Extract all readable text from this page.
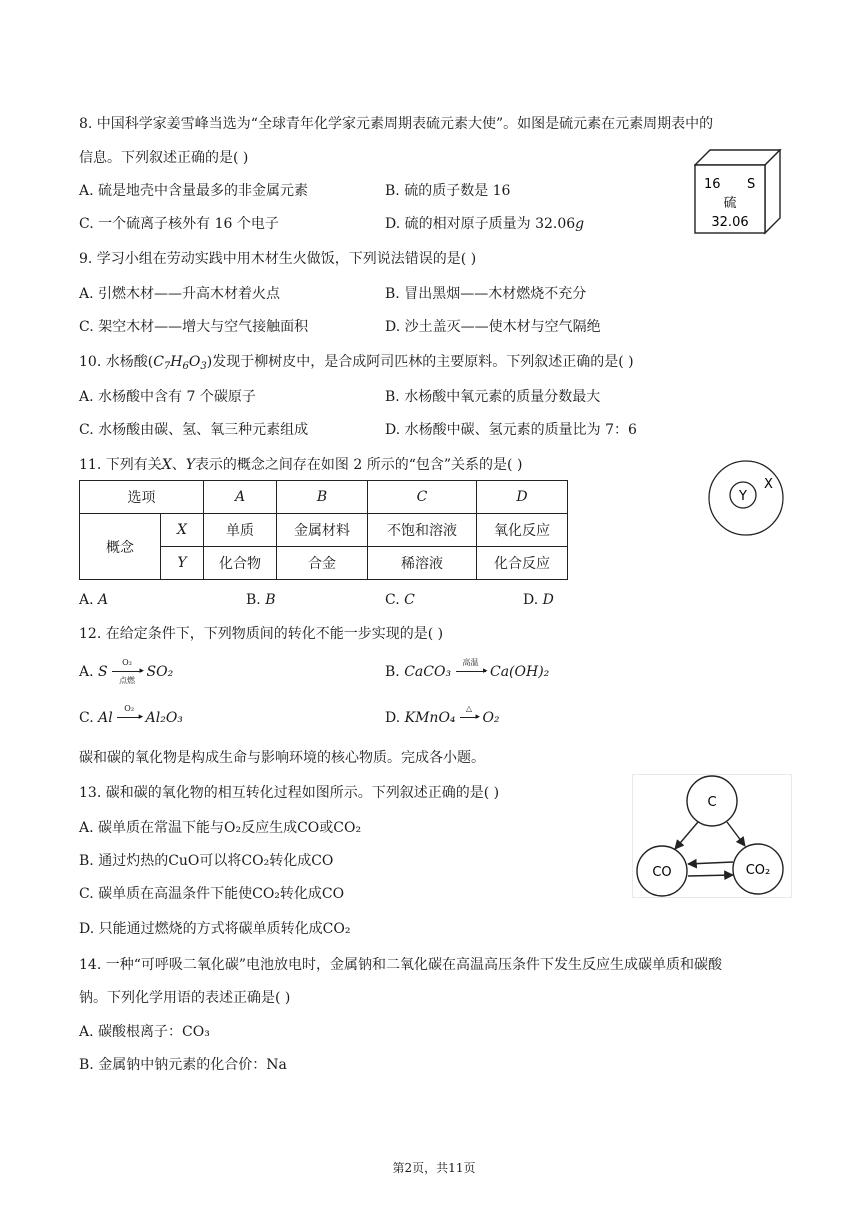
8. 中国科学家姜雪峰当选为“全球青年化学家元素周期表硫元素大使”。如图是硫元素在元素周期表中的
信息。下列叙述正确的是( )
A. 硫是地壳中含量最多的非金属元素	B. 硫的质子数是 16
C. 一个硫离子核外有 16 个电子	D. 硫的相对原子质量为 32.06g
16 S
硫
32.06
9. 学习小组在劳动实践中用木材生火做饭，下列说法错误的是( )
A. 引燃木材——升高木材着火点	B. 冒出黑烟——木材燃烧不充分
C. 架空木材——增大与空气接触面积	D. 沙土盖灭——使木材与空气隔绝
10. 水杨酸$(C_7H_6O_3)$发现于柳树皮中，是合成阿司匹林的主要原料。下列叙述正确的是( )
A. 水杨酸中含有 7 个碳原子	B. 水杨酸中氧元素的质量分数最大
C. 水杨酸由碳、氢、氧三种元素组成	D. 水杨酸中碳、氢元素的质量比为 7：6
11. 下列有关X、Y表示的概念之间存在如图 2 所示的“包含”关系的是( )
选项		A	B	C	D
概念	X	单质	金属材料	不饱和溶液	氧化反应
	Y	化合物	合金	稀溶液	化合反应
A. A	B. B	C. C	D. D
Y
X
12. 在给定条件下，下列物质间的转化不能一步实现的是( )
A. S
O₂
▸
点燃
SO₂	B. CaCO₃
高温
▸ Ca(OH)₂
C. Al
O₂
▸ Al₂O₃	D. KMnO₄
△
▸ O₂
碳和碳的氧化物是构成生命与影响环境的核心物质。完成各小题。
13. 碳和碳的氧化物的相互转化过程如图所示。下列叙述正确的是( )
A. 碳单质在常温下能与O₂反应生成CO或CO₂
B. 通过灼热的CuO可以将CO₂转化成CO
C. 碳单质在高温条件下能使CO₂转化成CO
D. 只能通过燃烧的方式将碳单质转化成CO₂
C
CO	CO₂
14. 一种“可呼吸二氧化碳”电池放电时，金属钠和二氧化碳在高温高压条件下发生反应生成碳单质和碳酸
钠。下列化学用语的表述正确是( )
A. 碳酸根离子：CO₃
B. 金属钠中钠元素的化合价：Na
第2页，共11页
